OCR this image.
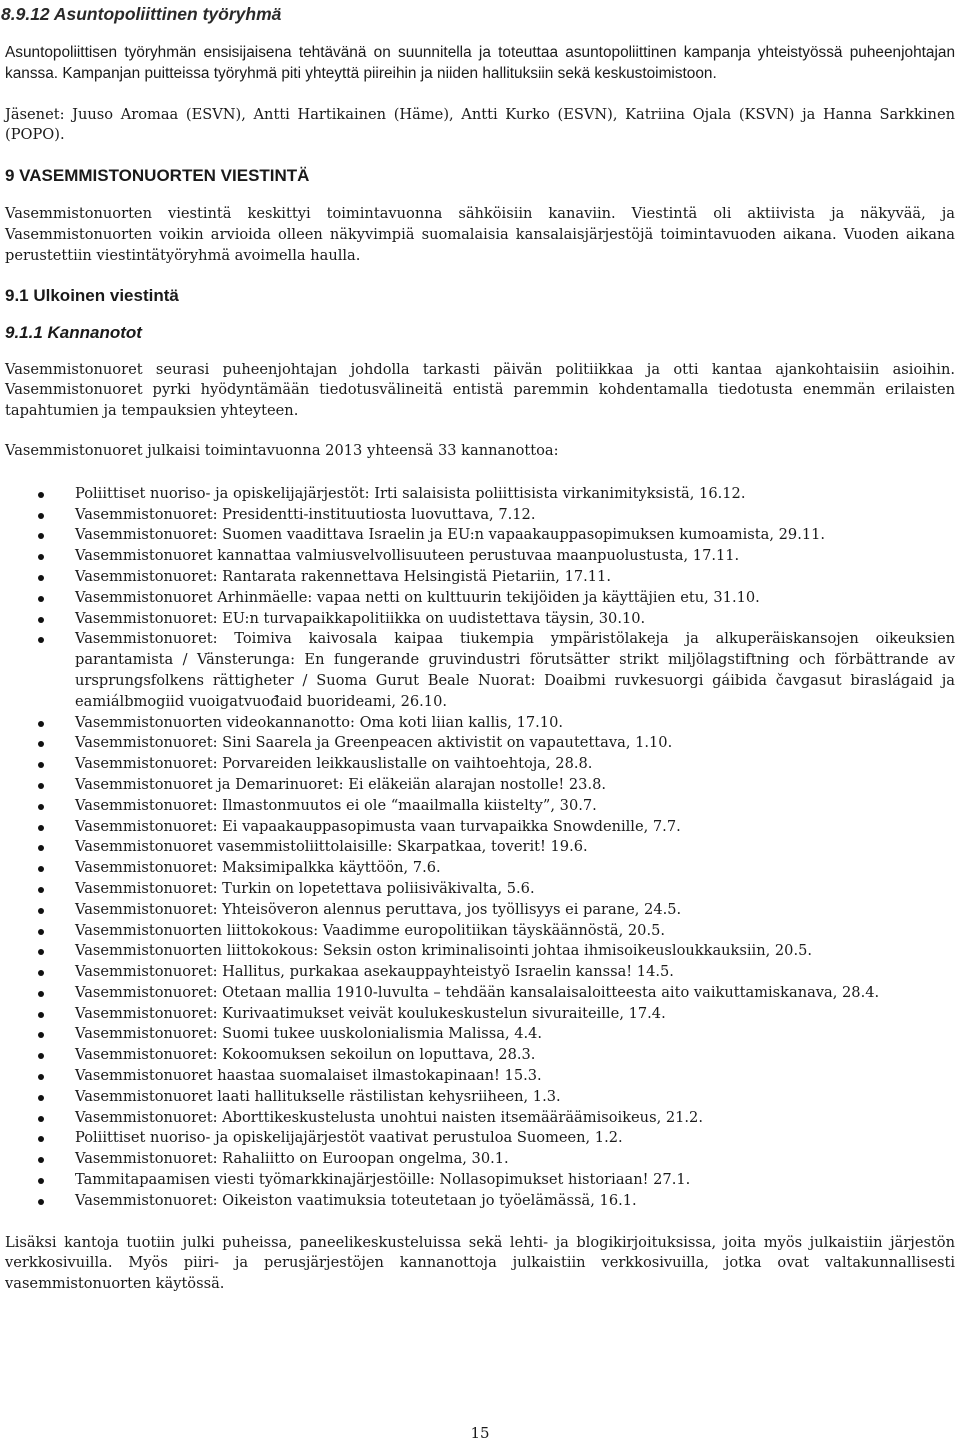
8.9.12 Asuntopoliittinen työryhmä

Asuntopoliittisen työryhmän ensisijaisena tehtävänä on suunnitella ja toteuttaa asuntopoliittinen kampanja yhteistyössä puheenjohtajan kanssa. Kampanjan puitteissa työryhmä piti yhteyttä piireihin ja niiden hallituksiin sekä keskustoimistoon.

Jäsenet: Juuso Aromaa (ESVN), Antti Hartikainen (Häme), Antti Kurko (ESVN), Katriina Ojala (KSVN) ja Hanna Sarkkinen (POPO).

9 VASEMMISTONUORTEN VIESTINTÄ

Vasemmistonuorten viestintä keskittyi toimintavuonna sähköisiin kanaviin. Viestintä oli aktiivista ja näkyvää, ja Vasemmistonuorten voikin arvioida olleen näkyvimpiä suomalaisia kansalaisjärjestöjä toimintavuoden aikana. Vuoden aikana perustettiin viestintätyöryhmä avoimella haulla.

9.1 Ulkoinen viestintä
9.1.1 Kannanotot

Vasemmistonuoret seurasi puheenjohtajan johdolla tarkasti päivän politiikkaa ja otti kantaa ajankohtaisiin asioihin. Vasemmistonuoret pyrki hyödyntämään tiedotusvälineitä entistä paremmin kohdentamalla tiedotusta enemmän erilaisten tapahtumien ja tempauksien yhteyteen.

Vasemmistonuoret julkaisi toimintavuonna 2013 yhteensä 33 kannanottoa:

Poliittiset nuoriso- ja opiskelijajärjestöt: Irti salaisista poliittisista virkanimityksistä, 16.12.
Vasemmistonuoret: Presidentti-instituutiosta luovuttava, 7.12.
Vasemmistonuoret: Suomen vaadittava Israelin ja EU:n vapaakauppasopimuksen kumoamista, 29.11.
Vasemmistonuoret kannattaa valmiusvelvollisuuteen perustuvaa maanpuolustusta, 17.11.
Vasemmistonuoret: Rantarata rakennettava Helsingistä Pietariin, 17.11.
Vasemmistonuoret Arhinmäelle: vapaa netti on kulttuurin tekijöiden ja käyttäjien etu, 31.10.
Vasemmistonuoret: EU:n turvapaikkapolitiikka on uudistettava täysin, 30.10.
Vasemmistonuoret: Toimiva kaivosala kaipaa tiukempia ympäristölakeja ja alkuperäiskansojen oikeuksien parantamista / Vänsterunga: En fungerande gruvindustri förutsätter strikt miljölagstiftning och förbättrande av ursprungsfolkens rättigheter / Suoma Gurut Beale Nuorat: Doaibmi ruvkesuorgi gáibida čavgasut biraslágaid ja eamiálbmogiid vuoigatvuođaid buorideami, 26.10.
Vasemmistonuorten videokannanotto: Oma koti liian kallis, 17.10.
Vasemmistonuoret: Sini Saarela ja Greenpeacen aktivistit on vapautettava, 1.10.
Vasemmistonuoret: Porvareiden leikkauslistalle on vaihtoehtoja, 28.8.
Vasemmistonuoret ja Demarinuoret: Ei eläkeiän alarajan nostolle! 23.8.
Vasemmistonuoret: Ilmastonmuutos ei ole “maailmalla kiistelty”, 30.7.
Vasemmistonuoret: Ei vapaakauppasopimusta vaan turvapaikka Snowdenille, 7.7.
Vasemmistonuoret vasemmistoliittolaisille: Skarpatkaa, toverit! 19.6.
Vasemmistonuoret: Maksimipalkka käyttöön, 7.6.
Vasemmistonuoret: Turkin on lopetettava poliisiväkivalta, 5.6.
Vasemmistonuoret: Yhteisöveron alennus peruttava, jos työllisyys ei parane, 24.5.
Vasemmistonuorten liittokokous: Vaadimme europolitiikan täyskäännöstä, 20.5.
Vasemmistonuorten liittokokous: Seksin oston kriminalisointi johtaa ihmisoikeusloukkauksiin, 20.5.
Vasemmistonuoret: Hallitus, purkakaa asekauppayhteistyö Israelin kanssa! 14.5.
Vasemmistonuoret: Otetaan mallia 1910-luvulta – tehdään kansalaisaloitteesta aito vaikuttamiskanava, 28.4.
Vasemmistonuoret: Kurivaatimukset veivät koulukeskustelun sivuraiteille, 17.4.
Vasemmistonuoret: Suomi tukee uuskolonialismia Malissa, 4.4.
Vasemmistonuoret: Kokoomuksen sekoilun on loputtava, 28.3.
Vasemmistonuoret haastaa suomalaiset ilmastokapinaan! 15.3.
Vasemmistonuoret laati hallitukselle rästilistan kehysriiheen, 1.3.
Vasemmistonuoret: Aborttikeskustelusta unohtui naisten itsemääräämisoikeus, 21.2.
Poliittiset nuoriso- ja opiskelijajärjestöt vaativat perustuloa Suomeen, 1.2.
Vasemmistonuoret: Rahaliitto on Euroopan ongelma, 30.1.
Tammitapaamisen viesti työmarkkinajärjestöille: Nollasopimukset historiaan! 27.1.
Vasemmistonuoret: Oikeiston vaatimuksia toteutetaan jo työelämässä, 16.1.

Lisäksi kantoja tuotiin julki puheissa, paneelikeskusteluissa sekä lehti- ja blogikirjoituksissa, joita myös julkaistiin järjestön verkkosivuilla. Myös piiri- ja perusjärjestöjen kannanottoja julkaistiin verkkosivuilla, jotka ovat valtakunnallisesti vasemmistonuorten käytössä.

15
